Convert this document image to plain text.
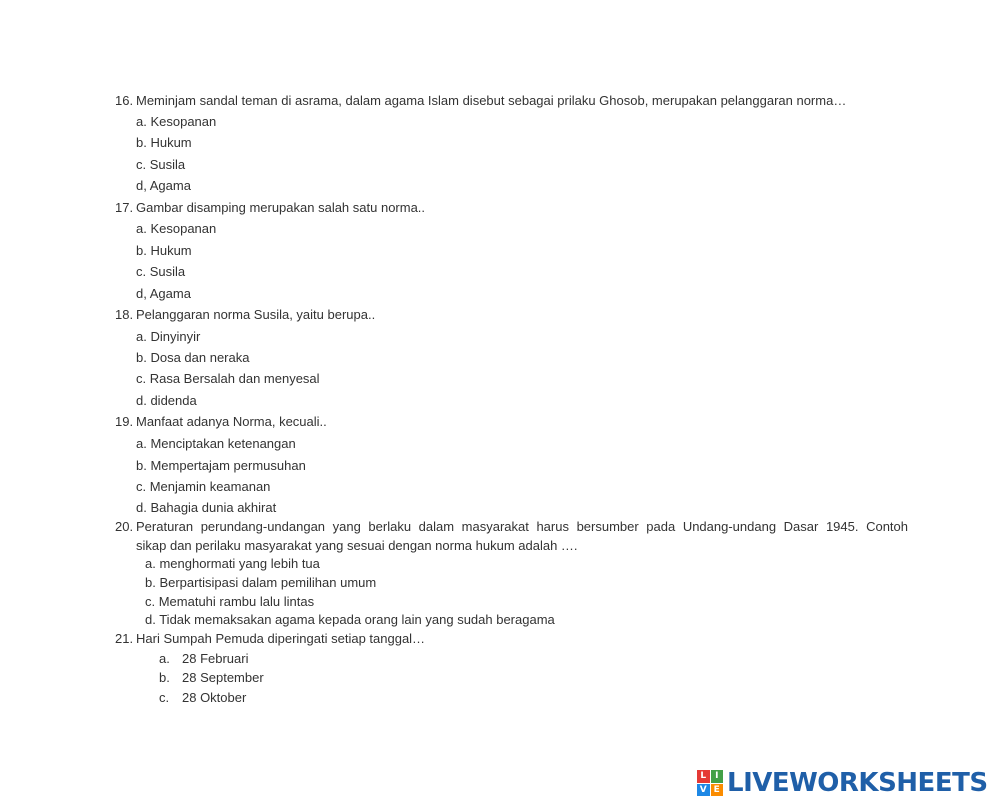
16. Meminjam sandal teman di asrama, dalam agama Islam disebut sebagai prilaku Ghosob, merupakan pelanggaran norma…
a. Kesopanan
b. Hukum
c. Susila
d, Agama
17. Gambar disamping merupakan salah satu norma..
a. Kesopanan
b. Hukum
c. Susila
d, Agama
18. Pelanggaran norma Susila, yaitu berupa..
a. Dinyinyir
b. Dosa dan neraka
c. Rasa Bersalah dan menyesal
d. didenda
19. Manfaat adanya Norma, kecuali..
a. Menciptakan ketenangan
b. Mempertajam permusuhan
c. Menjamin keamanan
d. Bahagia dunia akhirat
20. Peraturan perundang-undangan yang berlaku dalam masyarakat harus bersumber pada Undang-undang Dasar 1945. Contoh
sikap dan perilaku masyarakat yang sesuai dengan norma hukum adalah ….
a. menghormati yang lebih tua
b. Berpartisipasi dalam pemilihan umum
c. Mematuhi rambu lalu lintas
d. Tidak memaksakan agama kepada orang lain yang sudah beragama
21. Hari Sumpah Pemuda diperingati setiap tanggal…
a. 28 Februari
b. 28 September
c. 28 Oktober
L I
V E LIVEWORKSHEETS
